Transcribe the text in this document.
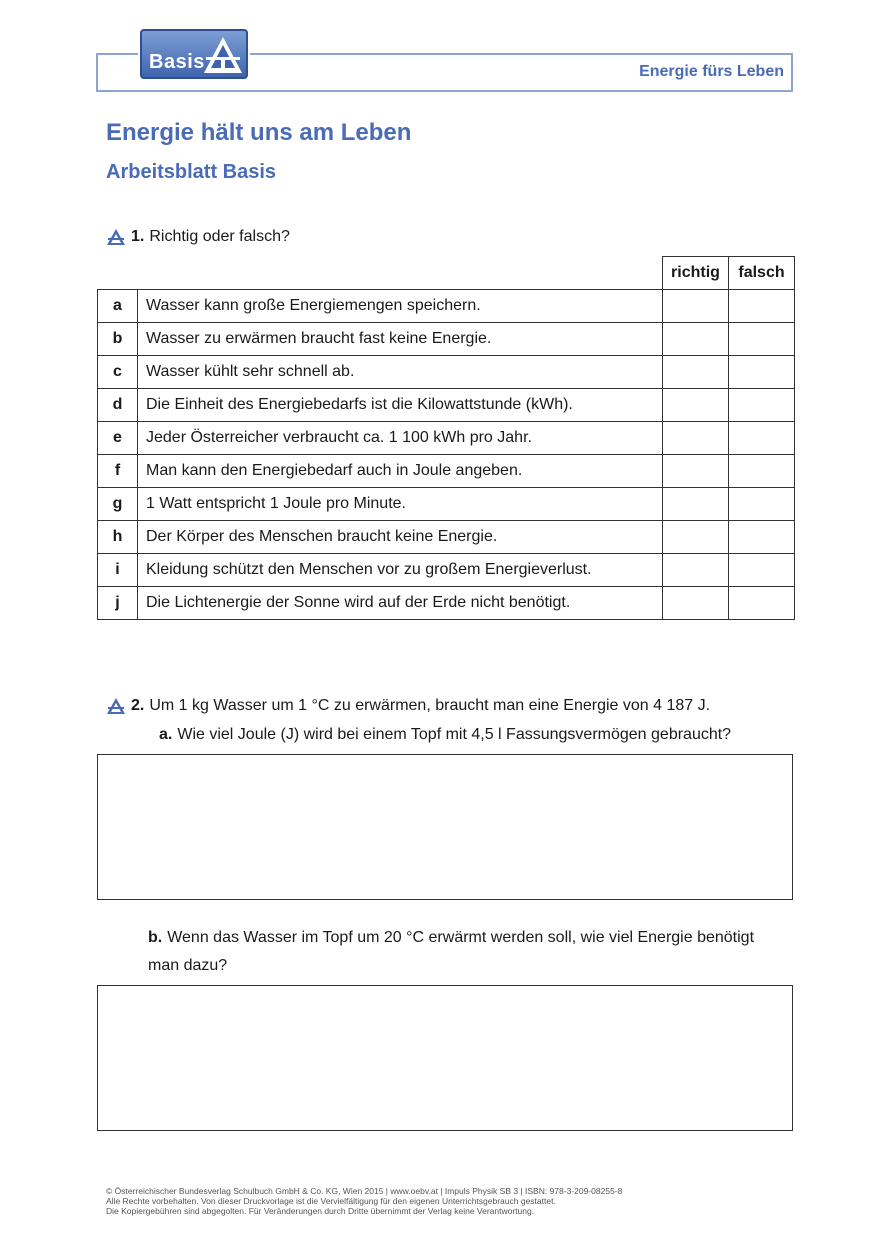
Basis	Energie fürs Leben
Energie hält uns am Leben
Arbeitsblatt Basis
1. Richtig oder falsch?
		richtig	falsch
a	Wasser kann große Energiemengen speichern.		
b	Wasser zu erwärmen braucht fast keine Energie.		
c	Wasser kühlt sehr schnell ab.		
d	Die Einheit des Energiebedarfs ist die Kilowattstunde (kWh).		
e	Jeder Österreicher verbraucht ca. 1 100 kWh pro Jahr.		
f	Man kann den Energiebedarf auch in Joule angeben.		
g	1 Watt entspricht 1 Joule pro Minute.		
h	Der Körper des Menschen braucht keine Energie.		
i	Kleidung schützt den Menschen vor zu großem Energieverlust.		
j	Die Lichtenergie der Sonne wird auf der Erde nicht benötigt.		
2. Um 1 kg Wasser um 1 °C zu erwärmen, braucht man eine Energie von 4 187 J.
a. Wie viel Joule (J) wird bei einem Topf mit 4,5 l Fassungsvermögen gebraucht?
b. Wenn das Wasser im Topf um 20 °C erwärmt werden soll, wie viel Energie benötigt
man dazu?
© Österreichischer Bundesverlag Schulbuch GmbH & Co. KG, Wien 2015 | www.oebv.at | Impuls Physik SB 3 | ISBN: 978-3-209-08255-8
Alle Rechte vorbehalten. Von dieser Druckvorlage ist die Vervielfältigung für den eigenen Unterrichtsgebrauch gestattet.
Die Kopiergebühren sind abgegolten. Für Veränderungen durch Dritte übernimmt der Verlag keine Verantwortung.
